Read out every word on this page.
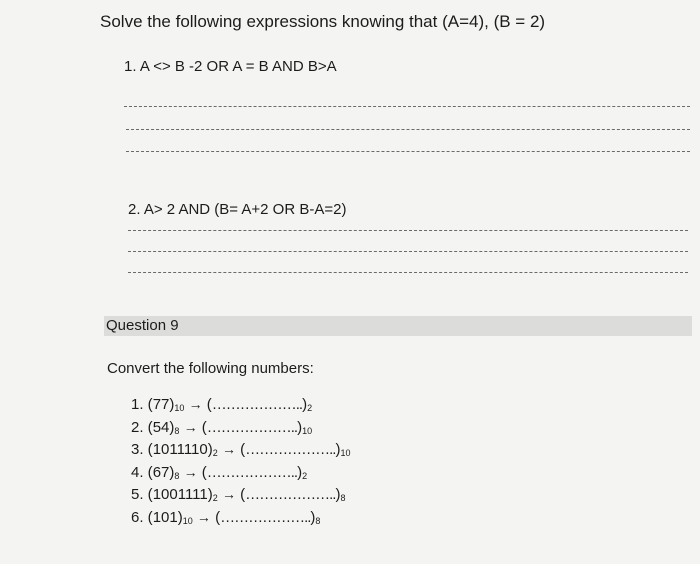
Solve the following expressions knowing that (A=4), (B = 2)
1. A <> B -2 OR A = B AND B>A
2. A> 2 AND (B= A+2 OR B-A=2)
Question 9
Convert the following numbers:
1. $(77)_{10}$ → $(\dots\dots\dots\dots\dots\dots..)_2$
2. $(54)_8$ → $(\dots\dots\dots\dots\dots\dots..)_{10}$
3. $(1011110)_2$ → $(\dots\dots\dots\dots\dots\dots..)_{10}$
4. $(67)_8$ → $(\dots\dots\dots\dots\dots\dots..)_2$
5. $(1001111)_2$ → $(\dots\dots\dots\dots\dots\dots..)_8$
6. $(101)_{10}$ → $(\dots\dots\dots\dots\dots\dots..)_8$
